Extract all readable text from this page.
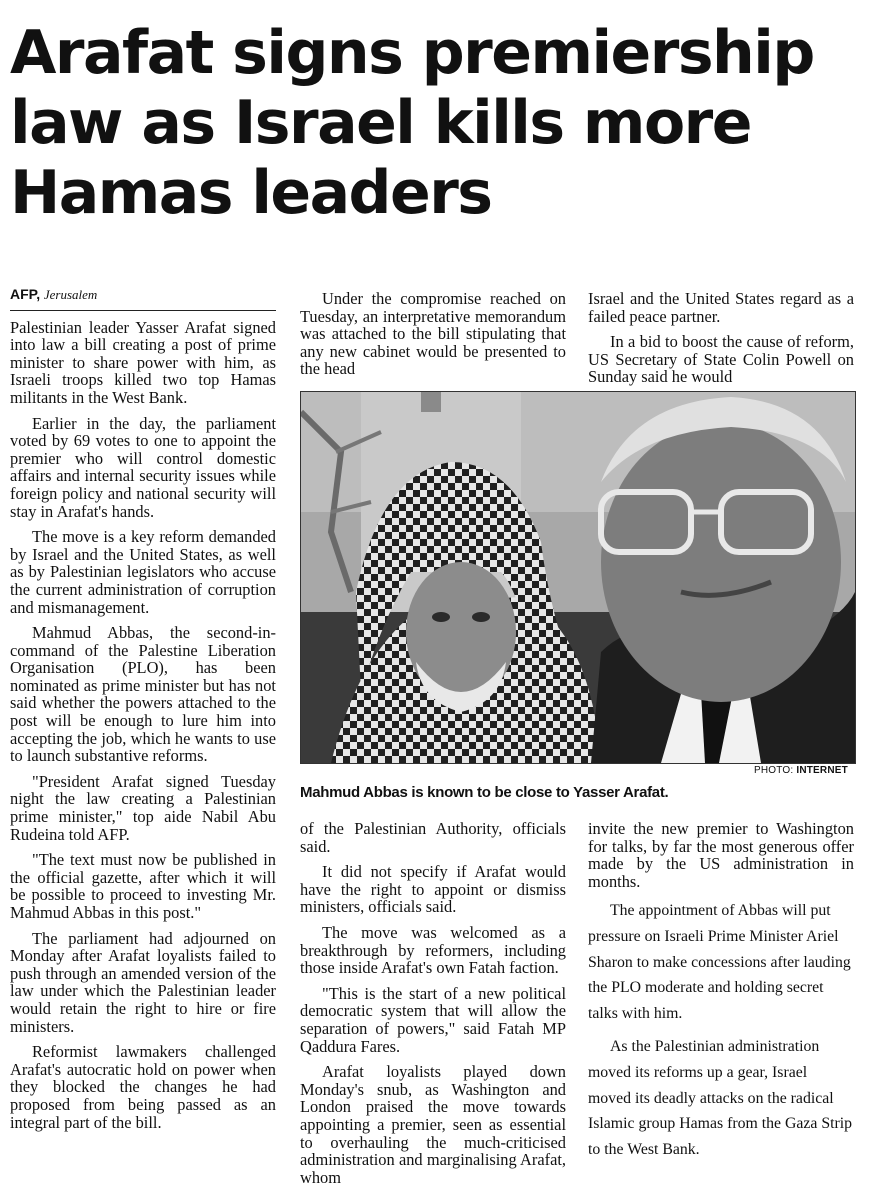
Arafat signs premiership law as Israel kills more Hamas leaders

AFP, Jerusalem

Palestinian leader Yasser Arafat signed into law a bill creating a post of prime minister to share power with him, as Israeli troops killed two top Hamas militants in the West Bank.

Earlier in the day, the parliament voted by 69 votes to one to appoint the premier who will control domestic affairs and internal security issues while foreign policy and national security will stay in Arafat's hands.

The move is a key reform demanded by Israel and the United States, as well as by Palestinian legislators who accuse the current administration of corruption and mismanagement.

Mahmud Abbas, the second-in-command of the Palestine Liberation Organisation (PLO), has been nominated as prime minister but has not said whether the powers attached to the post will be enough to lure him into accepting the job, which he wants to use to launch substantive reforms.

"President Arafat signed Tuesday night the law creating a Palestinian prime minister," top aide Nabil Abu Rudeina told AFP.

"The text must now be published in the official gazette, after which it will be possible to proceed to investing Mr. Mahmud Abbas in this post."

The parliament had adjourned on Monday after Arafat loyalists failed to push through an amended version of the law under which the Palestinian leader would retain the right to hire or fire ministers.

Reformist lawmakers challenged Arafat's autocratic hold on power when they blocked the changes he had proposed from being passed as an integral part of the bill.

Under the compromise reached on Tuesday, an interpretative memorandum was attached to the bill stipulating that any new cabinet would be presented to the head

Israel and the United States regard as a failed peace partner.

In a bid to boost the cause of reform, US Secretary of State Colin Powell on Sunday said he would

PHOTO: INTERNET
Mahmud Abbas is known to be close to Yasser Arafat.

of the Palestinian Authority, officials said.

It did not specify if Arafat would have the right to appoint or dismiss ministers, officials said.

The move was welcomed as a breakthrough by reformers, including those inside Arafat's own Fatah faction.

"This is the start of a new political democratic system that will allow the separation of powers," said Fatah MP Qaddura Fares.

Arafat loyalists played down Monday's snub, as Washington and London praised the move towards appointing a premier, seen as essential to overhauling the much-criticised administration and marginalising Arafat, whom

invite the new premier to Washington for talks, by far the most generous offer made by the US administration in months.

The appointment of Abbas will put pressure on Israeli Prime Minister Ariel Sharon to make concessions after lauding the PLO moderate and holding secret talks with him.

As the Palestinian administration moved its reforms up a gear, Israel moved its deadly attacks on the radical Islamic group Hamas from the Gaza Strip to the West Bank.
